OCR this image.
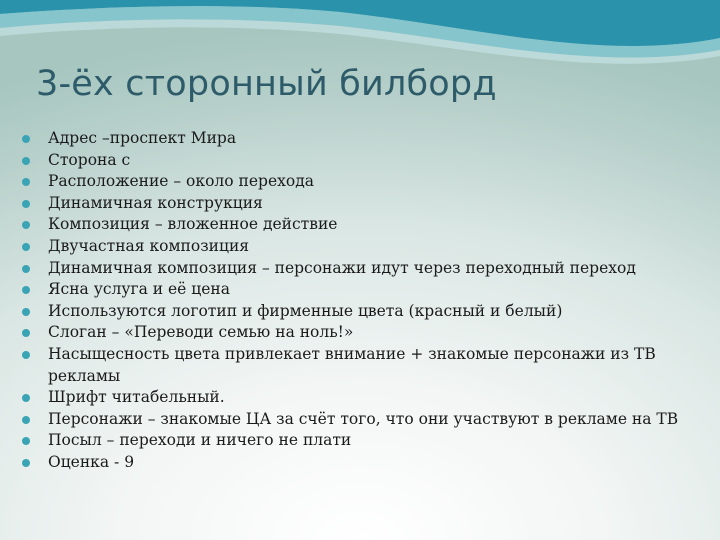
3-ёх сторонный билборд
Адрес –проспект Мира
Сторона с
Расположение – около перехода
Динамичная конструкция
Композиция – вложенное действие
Двучастная композиция
Динамичная композиция – персонажи идут через переходный переход
Ясна услуга и её цена
Используются логотип и фирменные цвета (красный и белый)
Слоган – «Переводи семью на ноль!»
Насыщесность цвета привлекает внимание + знакомые персонажи из ТВ рекламы
Шрифт читабельный.
Персонажи – знакомые ЦА за счёт того, что они участвуют в рекламе на ТВ
Посыл – переходи и ничего не плати
Оценка - 9
